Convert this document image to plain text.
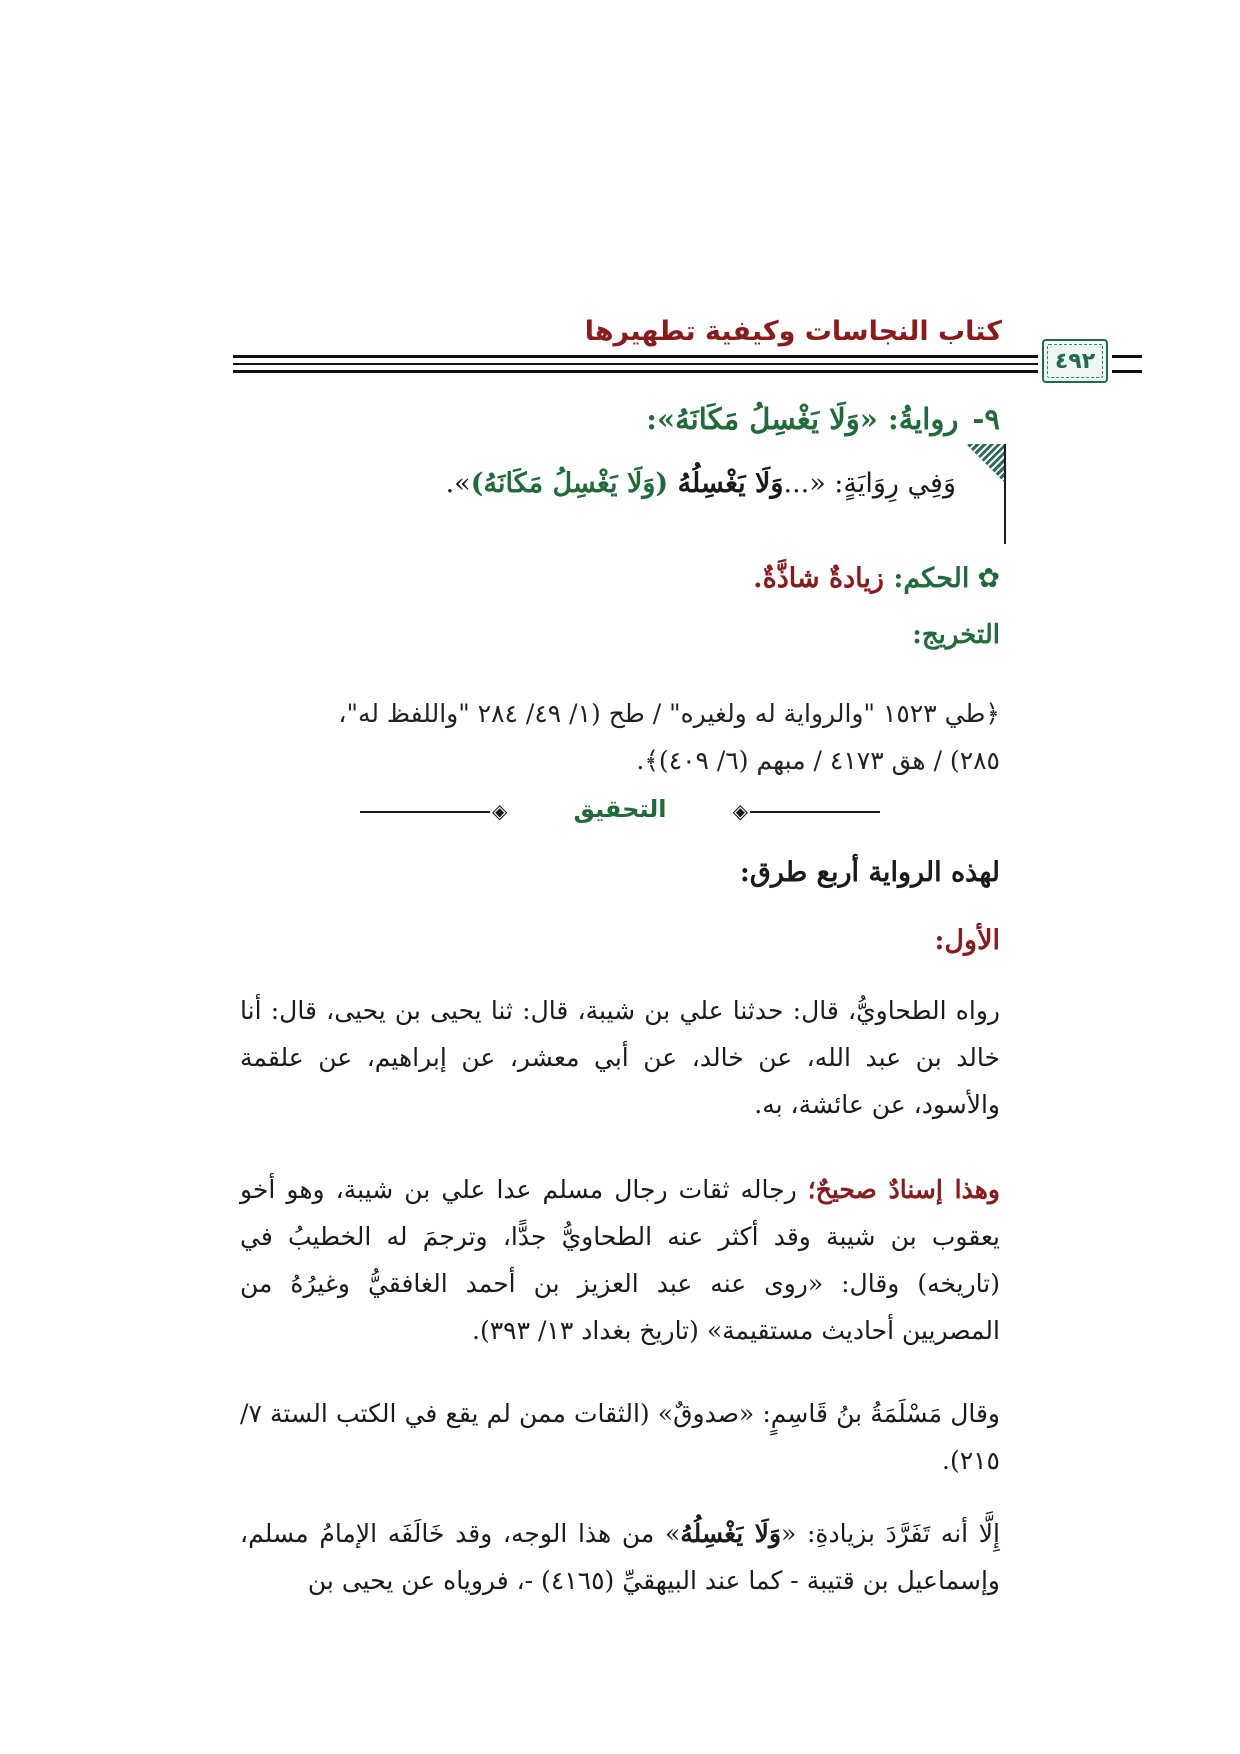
كتاب النجاسات وكيفية تطهيرها
٤٩٢
٩-روايةُ: «وَلَا يَغْسِلُ مَكَانَهُ»:
وَفِي رِوَايَةٍ: «...وَلَا يَغْسِلُهُ (وَلَا يَغْسِلُ مَكَانَهُ)».
✿الحكم: زيادةٌ شاذَّةٌ.
التخريج:
﴿طي ١٥٢٣ "والرواية له ولغيره" / طح (١/ ٤٩/ ٢٨٤ "واللفظ له"،
٢٨٥) / هق ٤١٧٣ / مبهم (٦/ ٤٠٩)﴾.
◈	التحقيق	◈
لهذه الرواية أربع طرق:
الأول:
رواه الطحاويُّ، قال: حدثنا علي بن شيبة، قال: ثنا يحيى بن يحيى، قال: أنا خالد بن عبد الله، عن خالد، عن أبي معشر، عن إبراهيم، عن علقمة والأسود، عن عائشة، به.
وهذا إسنادٌ صحيحٌ؛ رجاله ثقات رجال مسلم عدا علي بن شيبة، وهو أخو يعقوب بن شيبة وقد أكثر عنه الطحاويُّ جدًّا، وترجمَ له الخطيبُ في (تاريخه) وقال: «روى عنه عبد العزيز بن أحمد الغافقيُّ وغيرُهُ من المصريين أحاديث مستقيمة» (تاريخ بغداد ١٣/ ٣٩٣).
وقال مَسْلَمَةُ بنُ قَاسِمٍ: «صدوقٌ» (الثقات ممن لم يقع في الكتب الستة ٧/ ٢١٥).
إِلَّا أنه تَفَرَّدَ بزيادةِ: «وَلَا يَغْسِلُهُ» من هذا الوجه، وقد خَالَفَه الإمامُ مسلم، وإسماعيل بن قتيبة - كما عند البيهقيِّ (٤١٦٥) -، فروياه عن يحيى بن
